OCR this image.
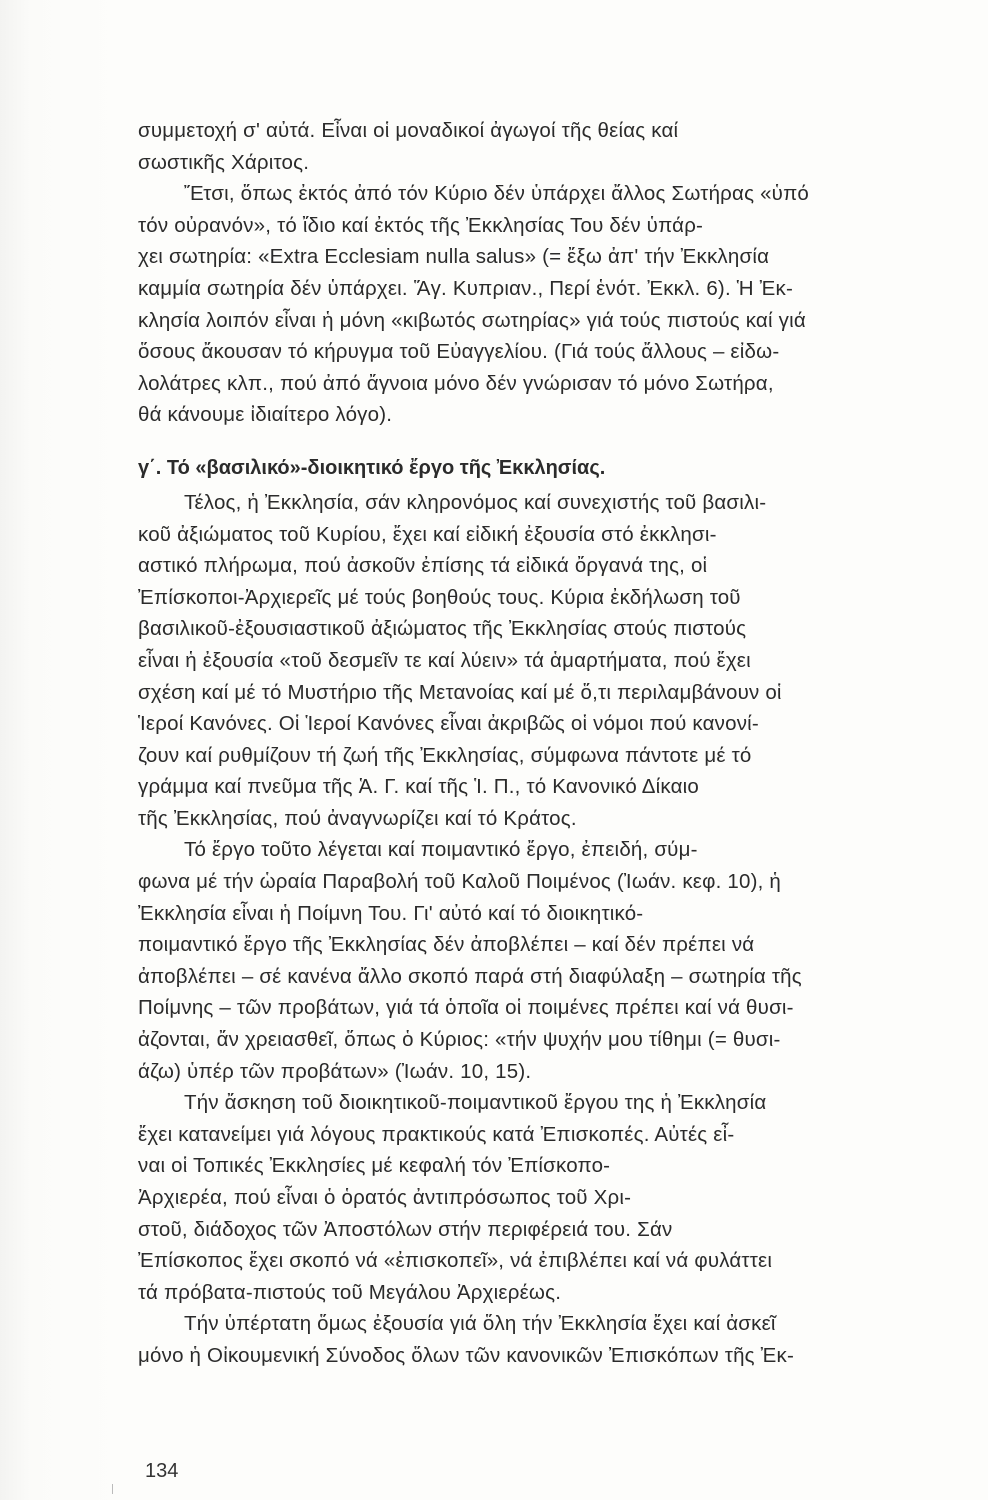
συμμετοχή σ' αὐτά. Εἶναι οἱ μοναδικοί ἀγωγοί τῆς θείας καί
σωστικῆς Χάριτος.
Ἔτσι, ὅπως ἐκτός ἀπό τόν Κύριο δέν ὑπάρχει ἄλλος Σωτήρας «ὑπό
τόν οὐρανόν», τό ἴδιο καί ἐκτός τῆς Ἐκκλησίας Του δέν ὑπάρ-
χει σωτηρία: «Extra Ecclesiam nulla salus» (= ἔξω ἀπ' τήν Ἐκκλησία
καμμία σωτηρία δέν ὑπάρχει. Ἅγ. Κυπριαν., Περί ἑνότ. Ἐκκλ. 6). Ἡ Ἐκ-
κλησία λοιπόν εἶναι ἡ μόνη «κιβωτός σωτηρίας» γιά τούς πιστούς καί γιά
ὅσους ἄκουσαν τό κήρυγμα τοῦ Εὐαγγελίου. (Γιά τούς ἄλλους – εἰδω-
λολάτρες κλπ., πού ἀπό ἄγνοια μόνο δέν γνώρισαν τό μόνο Σωτήρα,
θά κάνουμε ἰδιαίτερο λόγο).
γ΄. Τό «βασιλικό»-διοικητικό ἔργο τῆς Ἐκκλησίας.
Τέλος, ἡ Ἐκκλησία, σάν κληρονόμος καί συνεχιστής τοῦ βασιλι-
κοῦ ἀξιώματος τοῦ Κυρίου, ἔχει καί εἰδική ἐξουσία στό ἐκκλησι-
αστικό πλήρωμα, πού ἀσκοῦν ἐπίσης τά εἰδικά ὄργανά της, οἱ
Ἐπίσκοποι-Ἀρχιερεῖς μέ τούς βοηθούς τους. Κύρια ἐκδήλωση τοῦ
βασιλικοῦ-ἐξουσιαστικοῦ ἀξιώματος τῆς Ἐκκλησίας στούς πιστούς
εἶναι ἡ ἐξουσία «τοῦ δεσμεῖν τε καί λύειν» τά ἁμαρτήματα, πού ἔχει
σχέση καί μέ τό Μυστήριο τῆς Μετανοίας καί μέ ὅ,τι περιλαμβάνουν οἱ
Ἱεροί Κανόνες. Οἱ Ἱεροί Κανόνες εἶναι ἀκριβῶς οἱ νόμοι πού κανονί-
ζουν καί ρυθμίζουν τή ζωή τῆς Ἐκκλησίας, σύμφωνα πάντοτε μέ τό
γράμμα καί πνεῦμα τῆς Ἁ. Γ. καί τῆς Ἱ. Π., τό Κανονικό Δίκαιο
τῆς Ἐκκλησίας, πού ἀναγνωρίζει καί τό Κράτος.
Τό ἔργο τοῦτο λέγεται καί ποιμαντικό ἔργο, ἐπειδή, σύμ-
φωνα μέ τήν ὡραία Παραβολή τοῦ Καλοῦ Ποιμένος (Ἰωάν. κεφ. 10), ἡ
Ἐκκλησία εἶναι ἡ Ποίμνη Του. Γι' αὐτό καί τό διοικητικό-
ποιμαντικό ἔργο τῆς Ἐκκλησίας δέν ἀποβλέπει – καί δέν πρέπει νά
ἀποβλέπει – σέ κανένα ἄλλο σκοπό παρά στή διαφύλαξη – σωτηρία τῆς
Ποίμνης – τῶν προβάτων, γιά τά ὁποῖα οἱ ποιμένες πρέπει καί νά θυσι-
ἀζονται, ἄν χρειασθεῖ, ὅπως ὁ Κύριος: «τήν ψυχήν μου τίθημι (= θυσι-
άζω) ὑπέρ τῶν προβάτων» (Ἰωάν. 10, 15).
Τήν ἄσκηση τοῦ διοικητικοῦ-ποιμαντικοῦ ἔργου της ἡ Ἐκκλησία
ἔχει κατανείμει γιά λόγους πρακτικούς κατά Ἐπισκοπές. Αὐτές εἶ-
ναι οἱ Τοπικές Ἐκκλησίες μέ κεφαλή τόν Ἐπίσκοπο-
Ἀρχιερέα, πού εἶναι ὁ ὁρατός ἀντιπρόσωπος τοῦ Χρι-
στοῦ, διάδοχος τῶν Ἀποστόλων στήν περιφέρειά του. Σάν
Ἐπίσκοπος ἔχει σκοπό νά «ἐπισκοπεῖ», νά ἐπιβλέπει καί νά φυλάττει
τά πρόβατα-πιστούς τοῦ Μεγάλου Ἀρχιερέως.
Τήν ὑπέρτατη ὅμως ἐξουσία γιά ὅλη τήν Ἐκκλησία ἔχει καί ἀσκεῖ
μόνο ἡ Οἰκουμενική Σύνοδος ὅλων τῶν κανονικῶν Ἐπισκόπων τῆς Ἐκ-
134
